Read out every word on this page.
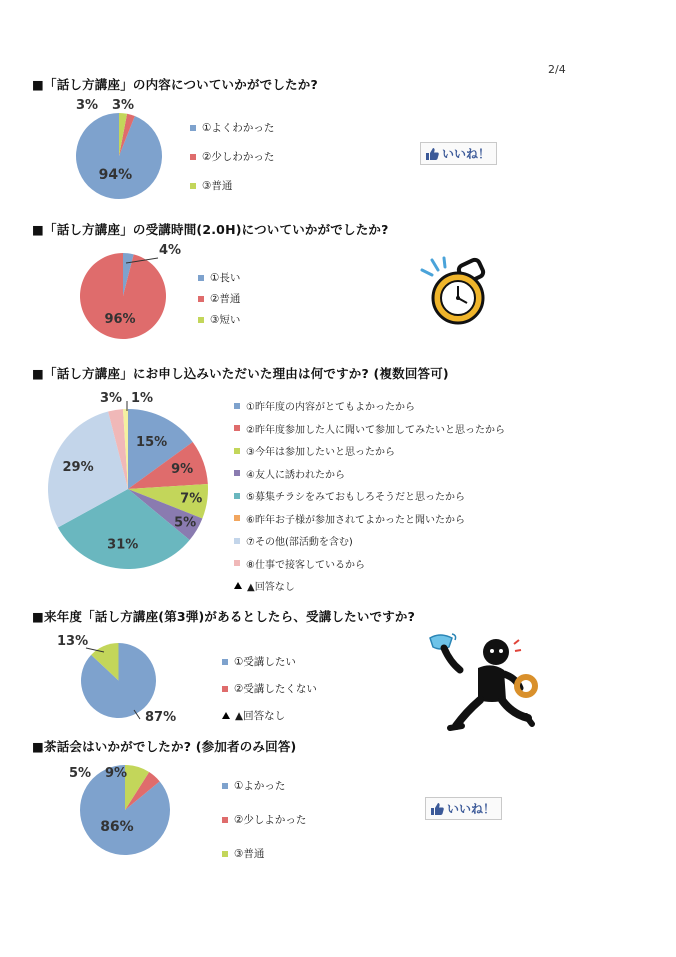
2/4
■「話し方講座」の内容についていかがでしたか?
94%
3% 3%
①よくわかった
②少しわかった
③普通
いいね！
■「話し方講座」の受講時間(2.0H)についていかがでしたか?
96%
4%
①長い
②普通
③短い
■「話し方講座」にお申し込みいただいた理由は何ですか? (複数回答可)
15%
9%
7%
5%
31%
29%
3% 1%
①昨年度の内容がとてもよかったから
②昨年度参加した人に聞いて参加してみたいと思ったから
③今年は参加したいと思ったから
④友人に誘われたから
⑤募集チラシをみておもしろそうだと思ったから
⑥昨年お子様が参加されてよかったと聞いたから
⑦その他(部活動を含む)
⑧仕事で接客しているから
▲回答なし
■来年度「話し方講座(第3弾)があるとしたら、受講したいですか?
13%
87%
①受講したい
②受講したくない
▲回答なし
■茶話会はいかがでしたか? (参加者のみ回答)
86%
5% 9%
①よかった
②少しよかった
③普通
いいね！
